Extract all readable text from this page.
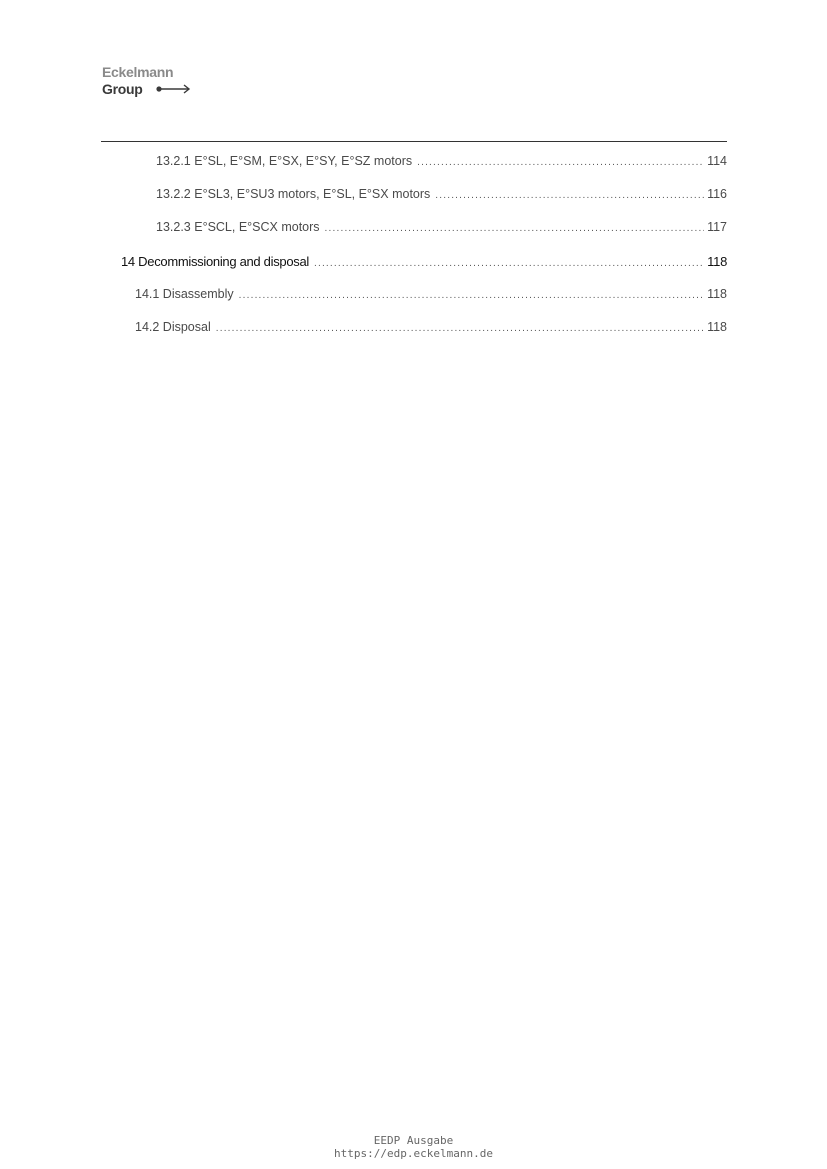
Eckelmann
Group
13.2.1 E°SL, E°SM, E°SX, E°SY, E°SZ motors .....	114
13.2.2 E°SL3, E°SU3 motors, E°SL, E°SX motors .....	116
13.2.3 E°SCL, E°SCX motors .....	117
14 Decommissioning and disposal .....	118
14.1 Disassembly .....	118
14.2 Disposal .....	118
EEDP Ausgabe
https://edp.eckelmann.de
